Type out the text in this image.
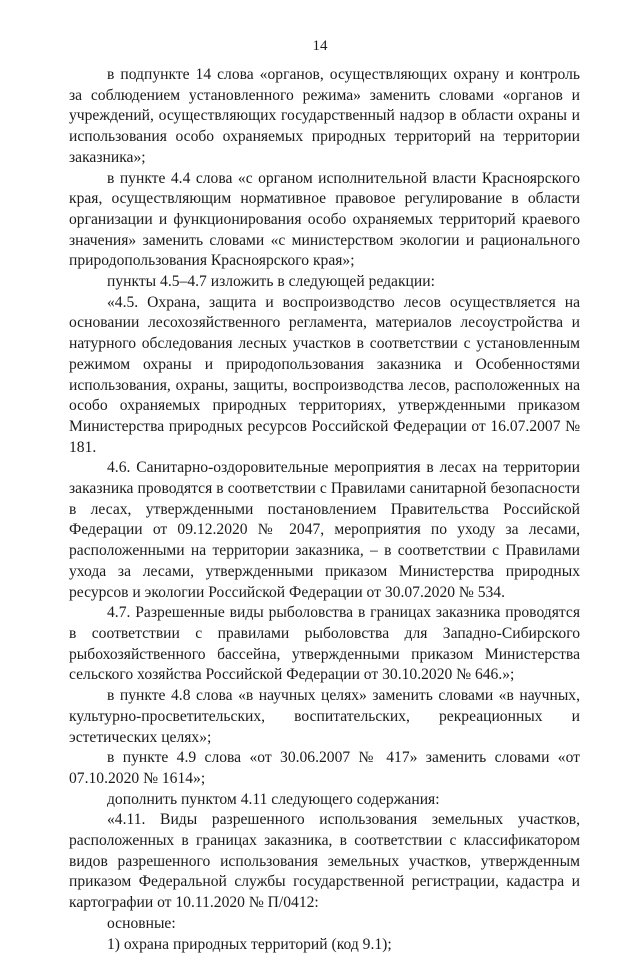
14

в подпункте 14 слова «органов, осуществляющих охрану и контроль за соблюдением установленного режима» заменить словами «органов и учреждений, осуществляющих государственный надзор в области охраны и использования особо охраняемых природных территорий на территории заказника»;

в пункте 4.4 слова «с органом исполнительной власти Красноярского края, осуществляющим нормативное правовое регулирование в области организации и функционирования особо охраняемых территорий краевого значения» заменить словами «с министерством экологии и рационального природопользования Красноярского края»;

пункты 4.5–4.7 изложить в следующей редакции:

«4.5. Охрана, защита и воспроизводство лесов осуществляется на основании лесохозяйственного регламента, материалов лесоустройства и натурного обследования лесных участков в соответствии с установленным режимом охраны и природопользования заказника и Особенностями использования, охраны, защиты, воспроизводства лесов, расположенных на особо охраняемых природных территориях, утвержденными приказом Министерства природных ресурсов Российской Федерации от 16.07.2007 № 181.

4.6. Санитарно-оздоровительные мероприятия в лесах на территории заказника проводятся в соответствии с Правилами санитарной безопасности в лесах, утвержденными постановлением Правительства Российской Федерации от 09.12.2020 № 2047, мероприятия по уходу за лесами, расположенными на территории заказника, – в соответствии с Правилами ухода за лесами, утвержденными приказом Министерства природных ресурсов и экологии Российской Федерации от 30.07.2020 № 534.

4.7. Разрешенные виды рыболовства в границах заказника проводятся в соответствии с правилами рыболовства для Западно-Сибирского рыбохозяйственного бассейна, утвержденными приказом Министерства сельского хозяйства Российской Федерации от 30.10.2020 № 646.»;

в пункте 4.8 слова «в научных целях» заменить словами «в научных, культурно-просветительских, воспитательских, рекреационных и эстетических целях»;

в пункте 4.9 слова «от 30.06.2007 № 417» заменить словами «от 07.10.2020 № 1614»;

дополнить пунктом 4.11 следующего содержания:

«4.11. Виды разрешенного использования земельных участков, расположенных в границах заказника, в соответствии с классификатором видов разрешенного использования земельных участков, утвержденным приказом Федеральной службы государственной регистрации, кадастра и картографии от 10.11.2020 № П/0412:

основные:

1) охрана природных территорий (код 9.1);
